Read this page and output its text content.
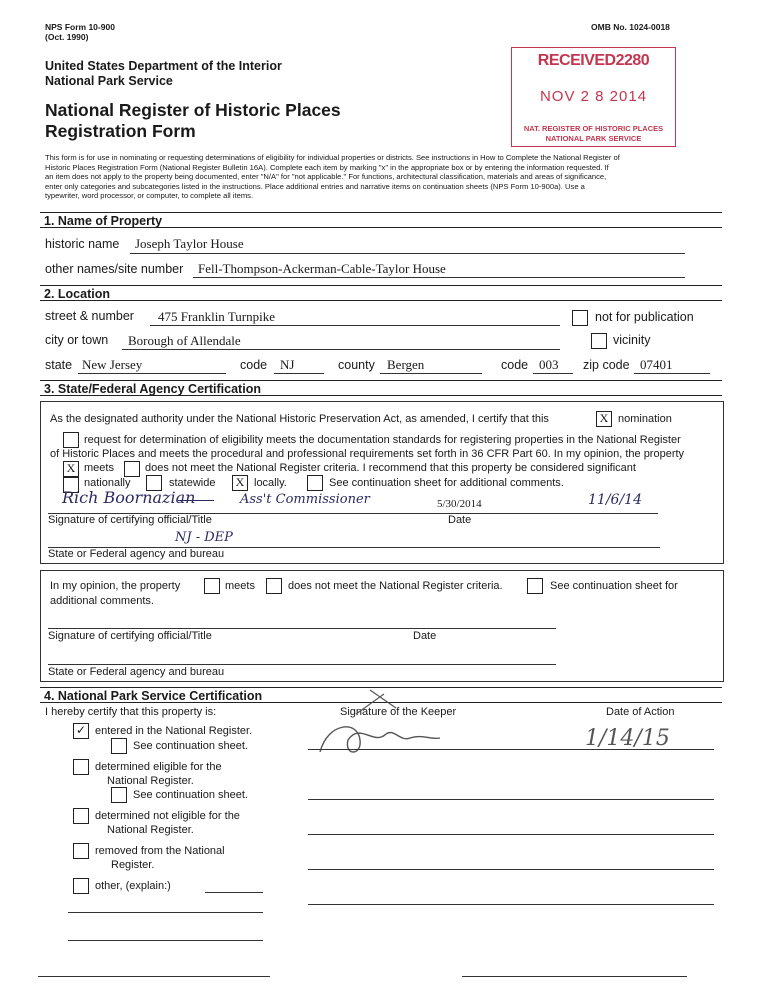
NPS Form 10-900
(Oct. 1990)
OMB No. 1024-0018
United States Department of the Interior
National Park Service
National Register of Historic Places
Registration Form
RECEIVED2280
NOV 2 8 2014
NAT. REGISTER OF HISTORIC PLACES
NATIONAL PARK SERVICE
This form is for use in nominating or requesting determinations of eligibility for individual properties or districts. See instructions in How to Complete the National Register of
Historic Places Registration Form (National Register Bulletin 16A). Complete each item by marking "x" in the appropriate box or by entering the information requested. If
an item does not apply to the property being documented, enter "N/A" for "not applicable." For functions, architectural classification, materials and areas of significance,
enter only categories and subcategories listed in the instructions. Place additional entries and narrative items on continuation sheets (NPS Form 10-900a). Use a
typewriter, word processor, or computer, to complete all items.
1. Name of Property
historic name Joseph Taylor House
other names/site number Fell-Thompson-Ackerman-Cable-Taylor House
2. Location
street & number 475 Franklin Turnpike	not for publication
city or town Borough of Allendale	vicinity
state New Jersey	code NJ	county Bergen	code 003 zip code 07401
3. State/Federal Agency Certification
As the designated authority under the National Historic Preservation Act, as amended, I certify that this	X nomination
request for determination of eligibility meets the documentation standards for registering properties in the National Register
of Historic Places and meets the procedural and professional requirements set forth in 36 CFR Part 60. In my opinion, the property
X meets	does not meet the National Register criteria. I recommend that this property be considered significant
nationally	statewide	X locally.	See continuation sheet for additional comments.
Rich Boornazian	Ass't Commissioner	5/30/2014	11/6/14
Signature of certifying official/Title	Date
NJ - DEP
State or Federal agency and bureau
In my opinion, the property	meets	does not meet the National Register criteria.	See continuation sheet for
additional comments.
Signature of certifying official/Title	Date
State or Federal agency and bureau
4. National Park Service Certification
I hereby certify that this property is:	Signature of the Keeper	Date of Action
1/14/15
✓ entered in the National Register.
See continuation sheet.
determined eligible for the
National Register.
See continuation sheet.
determined not eligible for the
National Register.
removed from the National
Register.
other, (explain:)
